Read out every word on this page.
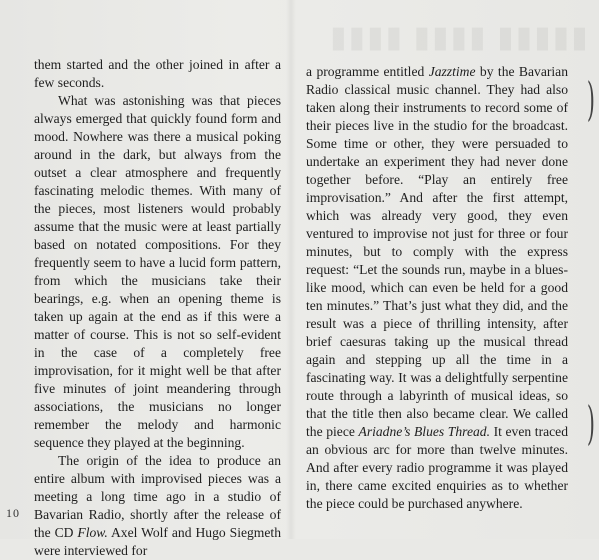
▮▮▮▮ ▮▮▮▮ ▮▮▮▮▮

them started and the other joined in after a few seconds.

What was astonishing was that pieces always emerged that quickly found form and mood. Nowhere was there a musical poking around in the dark, but always from the outset a clear atmosphere and frequently fascinating melodic themes. With many of the pieces, most listeners would probably assume that the music were at least partially based on notated compositions. For they frequently seem to have a lucid form pattern, from which the musicians take their bearings, e.g. when an opening theme is taken up again at the end as if this were a matter of course. This is not so self-evident in the case of a completely free improvisation, for it might well be that after five minutes of joint meandering through associations, the musicians no longer remember the melody and harmonic sequence they played at the beginning.

The origin of the idea to produce an entire album with improvised pieces was a meeting a long time ago in a studio of Bavarian Radio, shortly after the release of the CD Flow. Axel Wolf and Hugo Siegmeth were interviewed for

a programme entitled Jazztime by the Bavarian Radio classical music channel. They had also taken along their instruments to record some of their pieces live in the studio for the broadcast. Some time or other, they were persuaded to undertake an experiment they had never done together before. “Play an entirely free improvisation.” And after the first attempt, which was already very good, they even ventured to improvise not just for three or four minutes, but to comply with the express request: “Let the sounds run, maybe in a blues-like mood, which can even be held for a good ten minutes.” That’s just what they did, and the result was a piece of thrilling intensity, after brief caesuras taking up the musical thread again and stepping up all the time in a fascinating way. It was a delightfully serpentine route through a labyrinth of musical ideas, so that the title then also became clear. We called the piece Ariadne’s Blues Thread. It even traced an obvious arc for more than twelve minutes. And after every radio programme it was played in, there came excited enquiries as to whether the piece could be purchased anywhere.

)
)
10
